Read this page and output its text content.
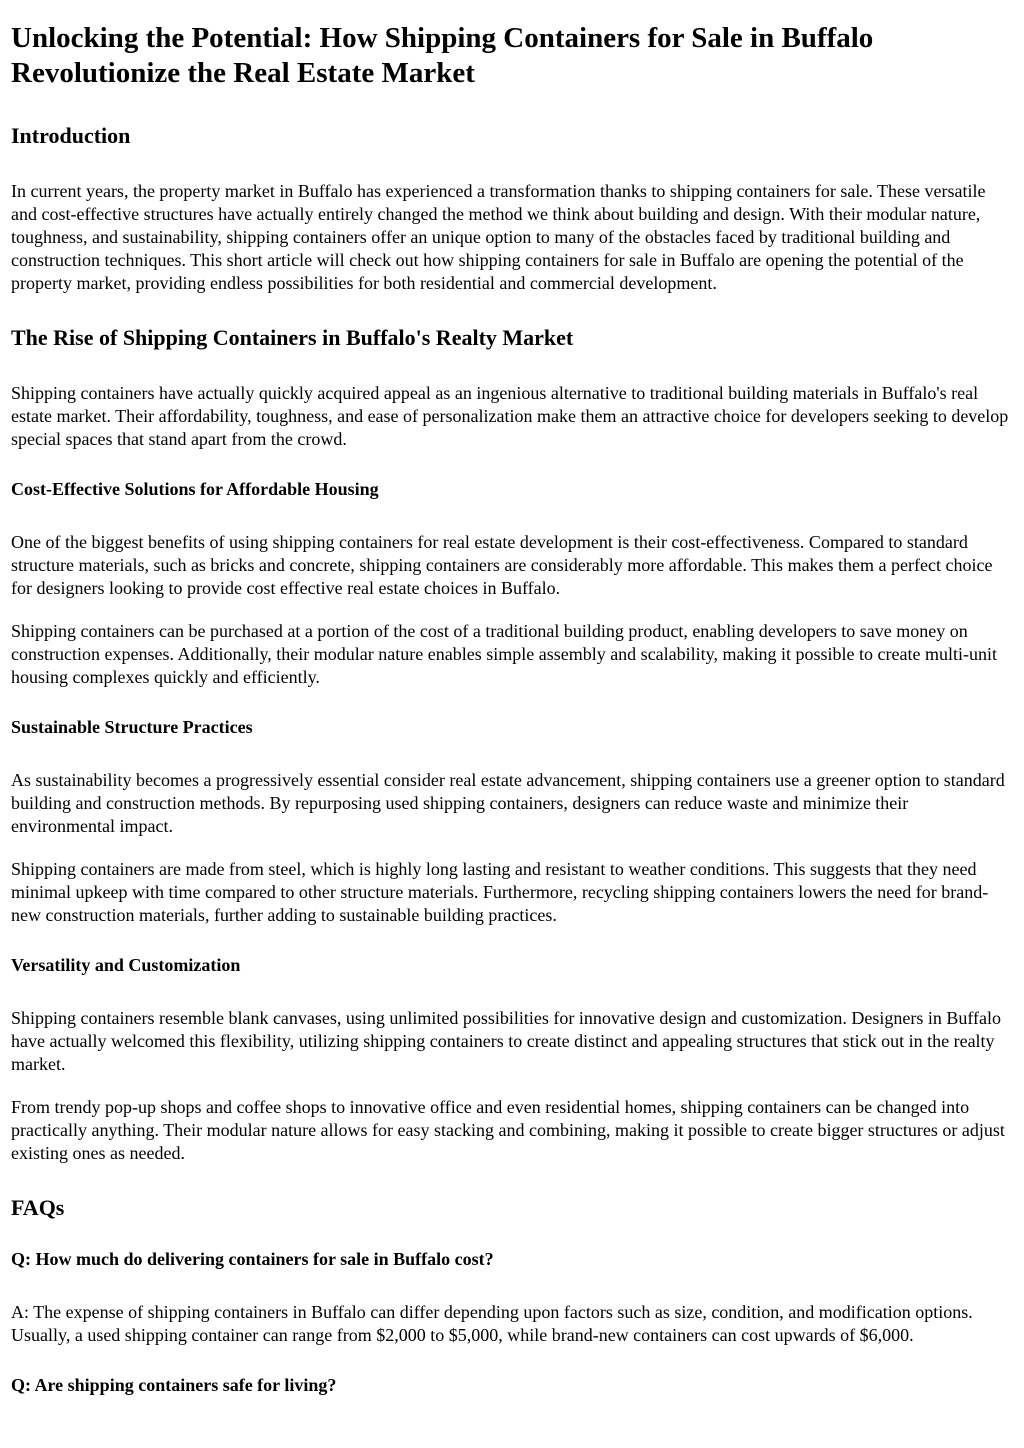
Unlocking the Potential: How Shipping Containers for Sale in Buffalo Revolutionize the Real Estate Market
Introduction

In current years, the property market in Buffalo has experienced a transformation thanks to shipping containers for sale. These versatile and cost-effective structures have actually entirely changed the method we think about building and design. With their modular nature, toughness, and sustainability, shipping containers offer an unique option to many of the obstacles faced by traditional building and construction techniques. This short article will check out how shipping containers for sale in Buffalo are opening the potential of the property market, providing endless possibilities for both residential and commercial development.

The Rise of Shipping Containers in Buffalo's Realty Market

Shipping containers have actually quickly acquired appeal as an ingenious alternative to traditional building materials in Buffalo's real estate market. Their affordability, toughness, and ease of personalization make them an attractive choice for developers seeking to develop special spaces that stand apart from the crowd.

Cost-Effective Solutions for Affordable Housing

One of the biggest benefits of using shipping containers for real estate development is their cost-effectiveness. Compared to standard structure materials, such as bricks and concrete, shipping containers are considerably more affordable. This makes them a perfect choice for designers looking to provide cost effective real estate choices in Buffalo.

Shipping containers can be purchased at a portion of the cost of a traditional building product, enabling developers to save money on construction expenses. Additionally, their modular nature enables simple assembly and scalability, making it possible to create multi-unit housing complexes quickly and efficiently.

Sustainable Structure Practices

As sustainability becomes a progressively essential consider real estate advancement, shipping containers use a greener option to standard building and construction methods. By repurposing used shipping containers, designers can reduce waste and minimize their environmental impact.

Shipping containers are made from steel, which is highly long lasting and resistant to weather conditions. This suggests that they need minimal upkeep with time compared to other structure materials. Furthermore, recycling shipping containers lowers the need for brand-new construction materials, further adding to sustainable building practices.

Versatility and Customization

Shipping containers resemble blank canvases, using unlimited possibilities for innovative design and customization. Designers in Buffalo have actually welcomed this flexibility, utilizing shipping containers to create distinct and appealing structures that stick out in the realty market.

From trendy pop-up shops and coffee shops to innovative office and even residential homes, shipping containers can be changed into practically anything. Their modular nature allows for easy stacking and combining, making it possible to create bigger structures or adjust existing ones as needed.

FAQs
Q: How much do delivering containers for sale in Buffalo cost?

A: The expense of shipping containers in Buffalo can differ depending upon factors such as size, condition, and modification options. Usually, a used shipping container can range from $2,000 to $5,000, while brand-new containers can cost upwards of $6,000.

Q: Are shipping containers safe for living?
